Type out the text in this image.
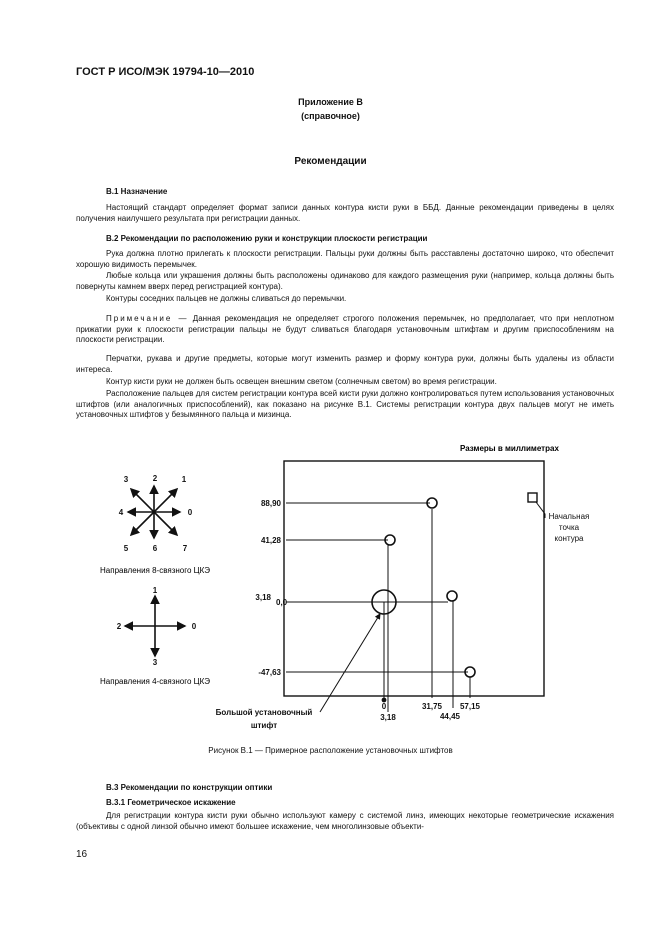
ГОСТ Р ИСО/МЭК 19794-10—2010
Приложение В
(справочное)
Рекомендации
В.1 Назначение
Настоящий стандарт определяет формат записи данных контура кисти руки в ББД. Данные рекомендации приведены в целях получения наилучшего результата при регистрации данных.
В.2 Рекомендации по расположению руки и конструкции плоскости регистрации
Рука должна плотно прилегать к плоскости регистрации. Пальцы руки должны быть расставлены достаточно широко, что обеспечит хорошую видимость перемычек.
Любые кольца или украшения должны быть расположены одинаково для каждого размещения руки (например, кольца должны быть повернуты камнем вверх перед регистрацией контура).
Контуры соседних пальцев не должны сливаться до перемычки.
Примечание — Данная рекомендация не определяет строгого положения перемычек, но предполагает, что при неплотном прижатии руки к плоскости регистрации пальцы не будут сливаться благодаря установочным штифтам и другим приспособлениям на плоскости регистрации.
Перчатки, рукава и другие предметы, которые могут изменить размер и форму контура руки, должны быть удалены из области интереса.
Контур кисти руки не должен быть освещен внешним светом (солнечным светом) во время регистрации.
Расположение пальцев для систем регистрации контура всей кисти руки должно контролироваться путем использования установочных штифтов (или аналогичных приспособлений), как показано на рисунке В.1. Системы регистрации контура двух пальцев могут не иметь установочных штифтов у безымянного пальца и мизинца.
Размеры в миллиметрах
0
1
2
3
4
5	6	7
Направления 8-связного ЦКЭ
0
1
2
3
Направления 4-связного ЦКЭ
88,90
41,28
3,18
0,0
-47,63
0
3,18
31,75
44,45
57,15
Начальная
точка
контура
Большой установочный
штифт
Рисунок В.1 — Примерное расположение установочных штифтов
В.3 Рекомендации по конструкции оптики
В.3.1 Геометрическое искажение
Для регистрации контура кисти руки обычно используют камеру с системой линз, имеющих некоторые геометрические искажения (объективы с одной линзой обычно имеют большее искажение, чем многолинзовые объекти-
16
